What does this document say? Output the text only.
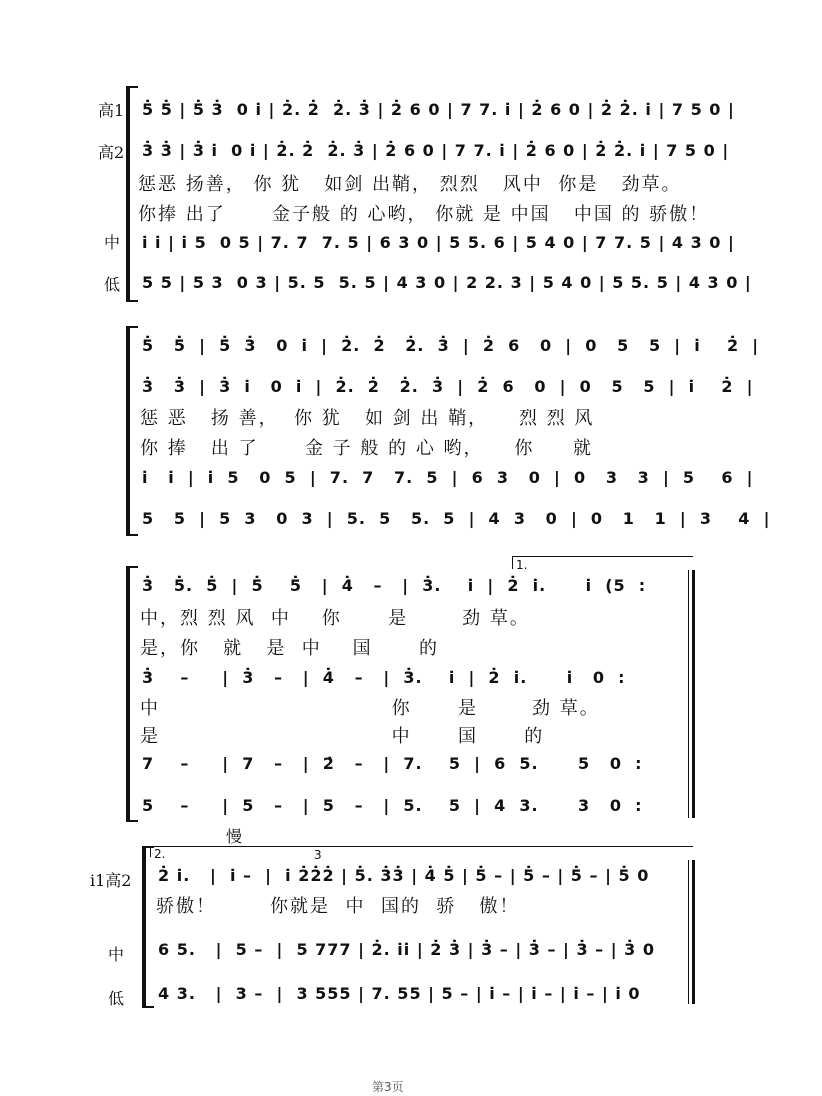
高1
高2
中
低
5̇ 5̇ | 5̇ 3̇  0 i̇ | 2̇. 2̇  2̇. 3̇ | 2̇ 6 0 | 7 7. i̇ | 2̇ 6 0 | 2̇ 2̇. i̇ | 7 5 0 |
3̇ 3̇ | 3̇ i̇  0 i̇ | 2̇. 2̇  2̇. 3̇ | 2̇ 6 0 | 7 7. i̇ | 2̇ 6 0 | 2̇ 2̇. i̇ | 7 5 0 |
惩恶 扬善， 你 犹   如剑 出鞘， 烈烈   风中  你是   劲草。
你捧 出了      金子般 的 心哟， 你就 是 中国   中国 的 骄傲！
i̇ i̇ | i̇ 5  0 5 | 7. 7  7. 5 | 6 3 0 | 5 5. 6 | 5 4 0 | 7 7. 5 | 4 3 0 |
5 5 | 5 3  0 3 | 5. 5  5. 5 | 4 3 0 | 2 2. 3 | 5 4 0 | 5 5. 5 | 4 3 0 |
5̇   5̇  |  5̇  3̇   0  i̇  |  2̇.  2̇   2̇.  3̇  |  2̇  6   0  |  0   5   5  |  i̇    2̇  |
3̇   3̇  |  3̇  i̇   0  i̇  |  2̇.  2̇   2̇.  3̇  |  2̇  6   0  |  0   5   5  |  i̇    2̇  |
惩 恶   扬 善，  你 犹   如 剑 出 鞘，    烈 烈 风
你 捧   出 了      金 子 般 的 心 哟，    你     就
i̇   i̇  |  i̇  5   0  5  |  7.  7   7.  5  |  6  3   0  |  0   3   3  |  5    6  |
5   5  |  5  3   0  3  |  5.  5   5.  5  |  4  3   0  |  0   1   1  |  3    4  |
1.
3̇   5̇.  5̇  |  5̇    5̇   |  4̇   –   |  3̇.    i̇  |  2̇  i̇.      i̇  (5  :
中，烈 烈 风  中    你      是       劲 草。
是，你   就   是  中    国      的
3̇    –     |  3̇   –   |  4̇   –   |  3̇.    i̇  |  2̇  i̇.      i̇   0  :
中                              你      是       劲 草。
是                              中      国      的
7    –     |  7   –   |  2̇   –   |  7.    5  |  6  5.      5   0  :
5    –     |  5   –   |  5   –   |  5.    5  |  4  3.      3   0  :
慢
i1高2
中
低
2.	3
2̇ i̇.   |  i̇ –  |  i̇ 2̇2̇2̇ | 5̇. 3̇3̇ | 4̇ 5̇ | 5̇ – | 5̇ – | 5̇ – | 5̇ 0
骄傲！       你就是  中  国的  骄   傲！
6 5.   |  5 –  |  5 777 | 2̇. i̇i̇ | 2̇ 3̇ | 3̇ – | 3̇ – | 3̇ – | 3̇ 0
4 3.   |  3 –  |  3 555 | 7. 55 | 5 – | i̇ – | i̇ – | i̇ – | i̇ 0
第3页
